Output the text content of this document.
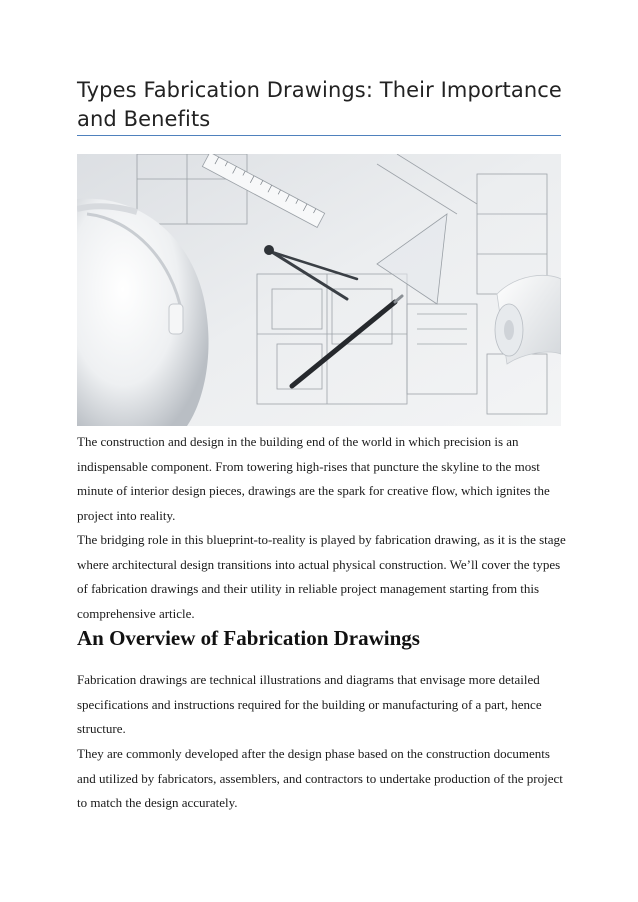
Types Fabrication Drawings: Their Importance and Benefits

The construction and design in the building end of the world in which precision is an indispensable component. From towering high-rises that puncture the skyline to the most minute of interior design pieces, drawings are the spark for creative flow, which ignites the project into reality.

The bridging role in this blueprint-to-reality is played by fabrication drawing, as it is the stage where architectural design transitions into actual physical construction. We’ll cover the types of fabrication drawings and their utility in reliable project management starting from this comprehensive article.

An Overview of Fabrication Drawings

Fabrication drawings are technical illustrations and diagrams that envisage more detailed specifications and instructions required for the building or manufacturing of a part, hence structure.

They are commonly developed after the design phase based on the construction documents and utilized by fabricators, assemblers, and contractors to undertake production of the project to match the design accurately.
